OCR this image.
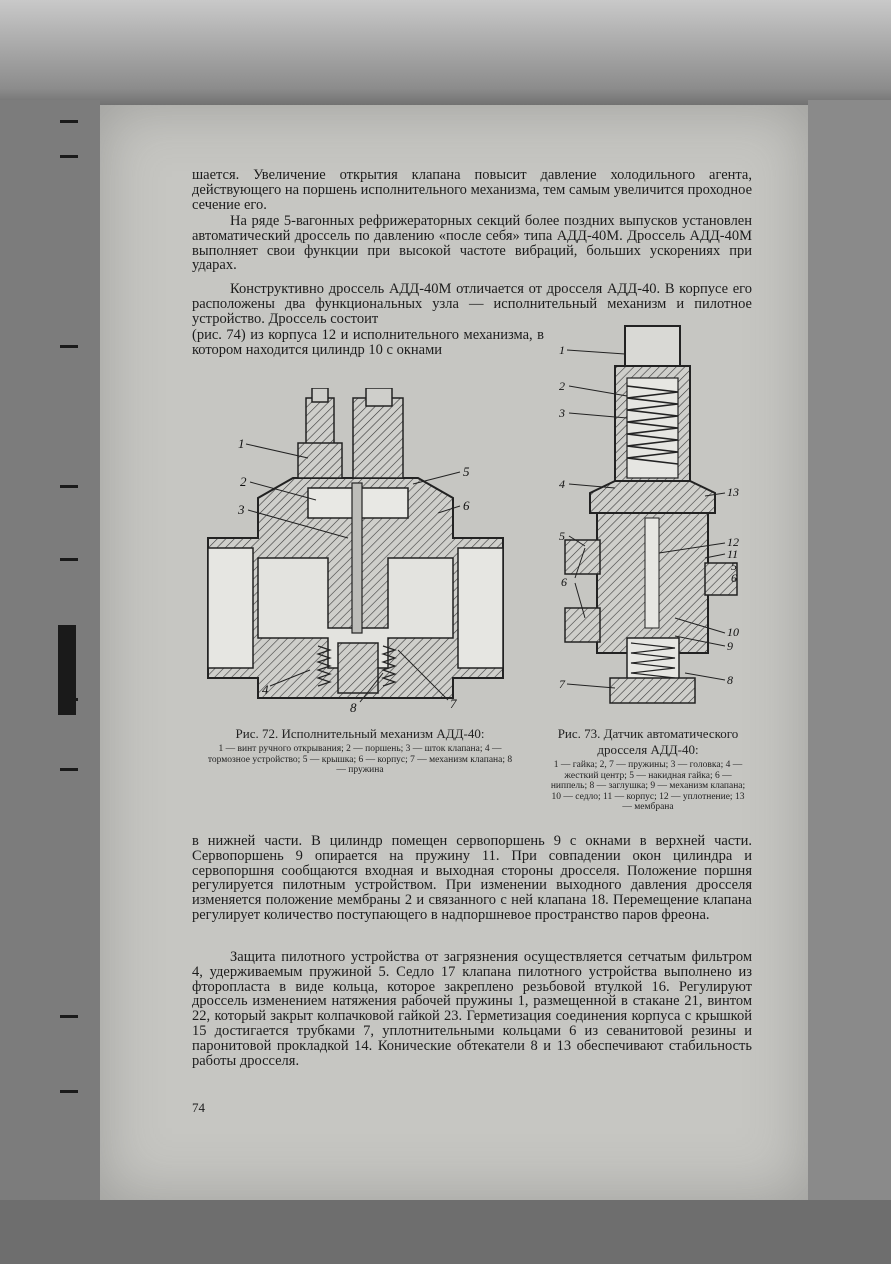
шается. Увеличение открытия клапана повысит давление холодильного агента, действующего на поршень исполнительного механизма, тем самым увеличится проходное сечение его.

На ряде 5-вагонных рефрижераторных секций более поздних выпусков установлен автоматический дроссель по давлению «после себя» типа АДД-40М. Дроссель АДД-40М выполняет свои функции при высокой частоте вибраций, больших ускорениях при ударах.

Конструктивно дроссель АДД-40М отличается от дросселя АДД-40. В корпусе его расположены два функциональных узла — исполнительный механизм и пилотное устройство. Дроссель состоит

(рис. 74) из корпуса 12 и исполнительного механизма, в котором находится цилиндр 10 с окнами

1
2
3
5
6
4
8	7
1
2
3
4
5
6
7
13
12
11
5
6
10
9
8

Рис. 72. Исполнительный механизм АДД-40:

1 — винт ручного открывания; 2 — поршень; 3 — шток клапана; 4 — тормозное устройство; 5 — крышка; 6 — корпус; 7 — механизм клапана; 8 — пружина

Рис. 73. Датчик автоматического дросселя АДД-40:

1 — гайка; 2, 7 — пружины; 3 — головка; 4 — жесткий центр; 5 — накидная гайка; 6 — ниппель; 8 — заглушка; 9 — механизм клапана; 10 — седло; 11 — корпус; 12 — уплотнение; 13 — мембрана

в нижней части. В цилиндр помещен сервопоршень 9 с окнами в верхней части. Сервопоршень 9 опирается на пружину 11. При совпадении окон цилиндра и сервопоршня сообщаются входная и выходная стороны дросселя. Положение поршня регулируется пилотным устройством. При изменении выходного давления дросселя изменяется положение мембраны 2 и связанного с ней клапана 18. Перемещение клапана регулирует количество поступающего в надпоршневое пространство паров фреона.

Защита пилотного устройства от загрязнения осуществляется сетчатым фильтром 4, удерживаемым пружиной 5. Седло 17 клапана пилотного устройства выполнено из фторопласта в виде кольца, которое закреплено резьбовой втулкой 16. Регулируют дроссель изменением натяжения рабочей пружины 1, размещенной в стакане 21, винтом 22, который закрыт колпачковой гайкой 23. Герметизация соединения корпуса с крышкой 15 достигается трубками 7, уплотнительными кольцами 6 из севанитовой резины и паронитовой прокладкой 14. Конические обтекатели 8 и 13 обеспечивают стабильность работы дросселя.

74
